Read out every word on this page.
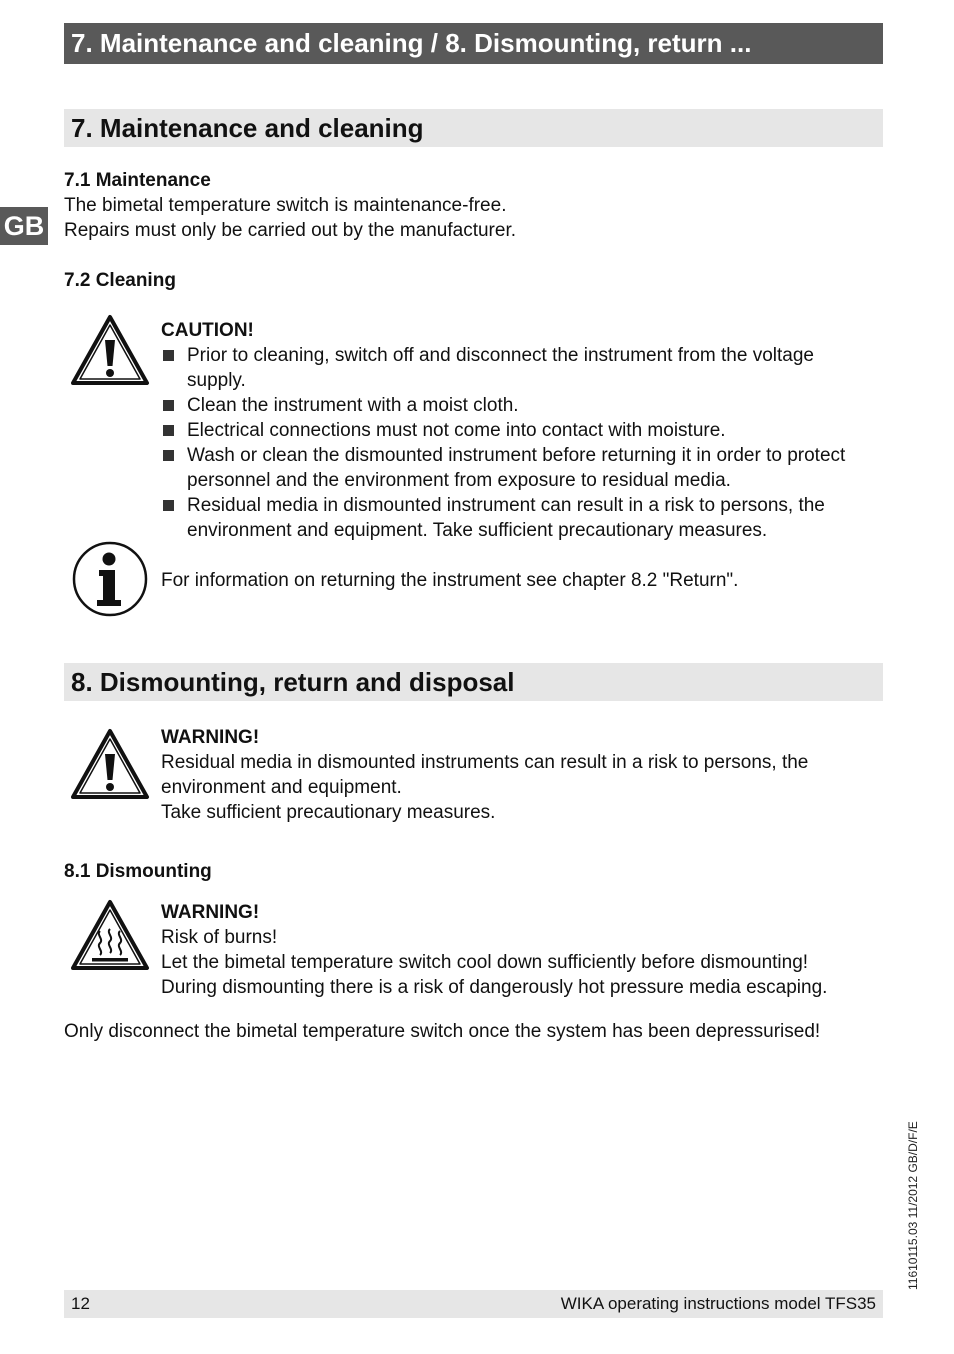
7. Maintenance and cleaning / 8. Dismounting, return ...
GB
7. Maintenance and cleaning
7.1 Maintenance
The bimetal temperature switch is maintenance-free.
Repairs must only be carried out by the manufacturer.
7.2 Cleaning
CAUTION!
Prior to cleaning, switch off and disconnect the instrument from the voltage supply.
Clean the instrument with a moist cloth.
Electrical connections must not come into contact with moisture.
Wash or clean the dismounted instrument before returning it in order to protect personnel and the environment from exposure to residual media.
Residual media in dismounted instrument can result in a risk to persons, the environment and equipment. Take sufficient precautionary measures.
For information on returning the instrument see chapter 8.2 "Return".
8. Dismounting, return and disposal
WARNING!
Residual media in dismounted instruments can result in a risk to persons, the
environment and equipment.
Take sufficient precautionary measures.
8.1 Dismounting
WARNING!
Risk of burns!
Let the bimetal temperature switch cool down sufficiently before dismounting!
During dismounting there is a risk of dangerously hot pressure media escaping.
Only disconnect the bimetal temperature switch once the system has been depressurised!
11610115.03 11/2012 GB/D/F/E
12	WIKA operating instructions model TFS35
